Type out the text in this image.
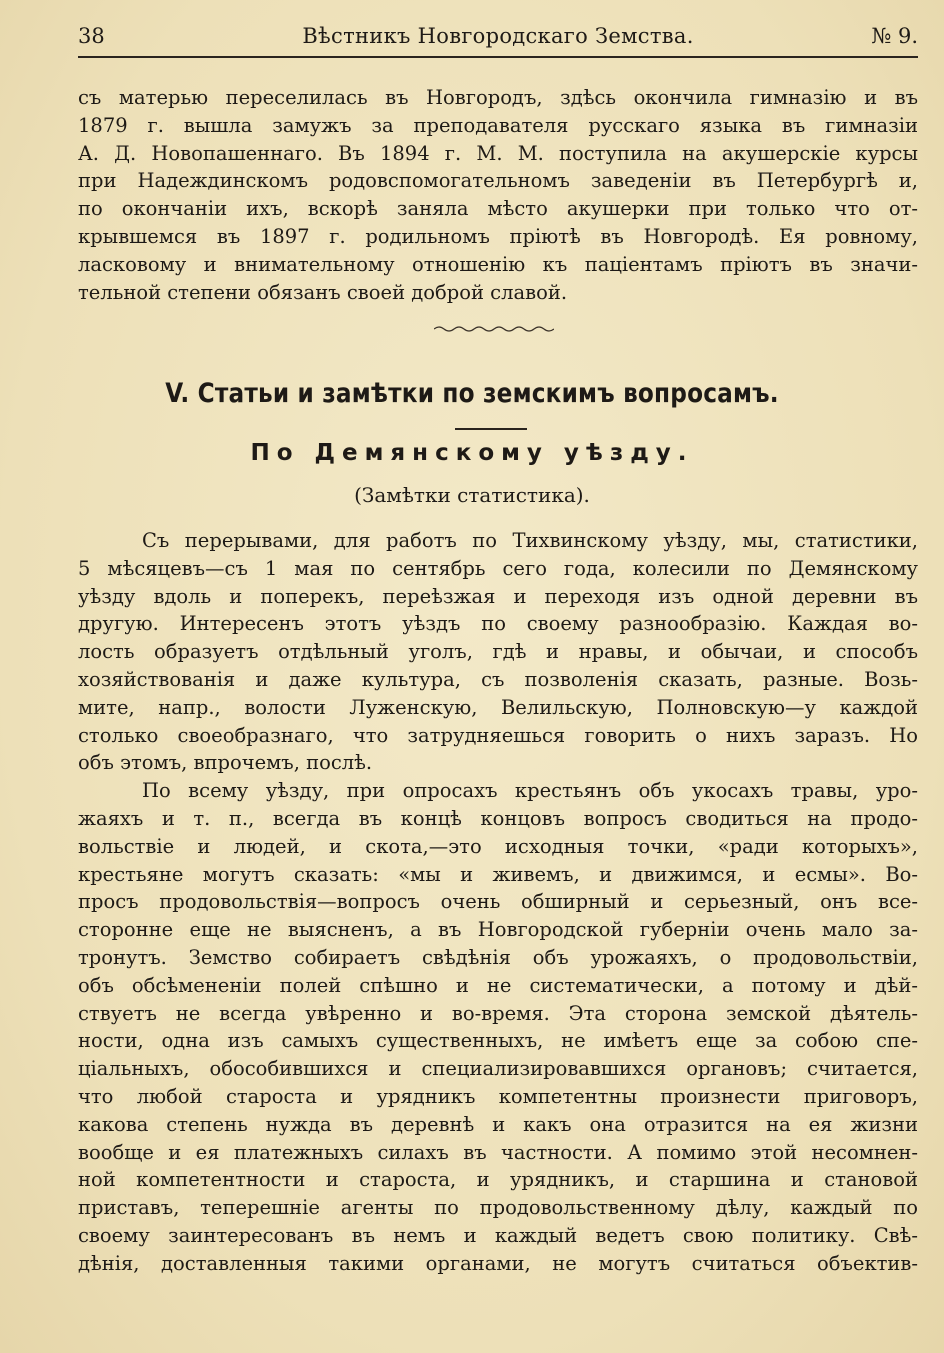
38	Вѣстникъ Новгородскаго Земства.	№ 9.
съ матерью переселилась въ Новгородъ, здѣсь окончила гимназію и въ
1879 г. вышла замужъ за преподавателя русскаго языка въ гимназіи
А. Д. Новопашеннаго. Въ 1894 г. М. М. поступила на акушерскіе курсы
при Надеждинскомъ родовспомогательномъ заведеніи въ Петербургѣ и,
по окончаніи ихъ, вскорѣ заняла мѣсто акушерки при только что от-
крывшемся въ 1897 г. родильномъ пріютѣ въ Новгородѣ. Ея ровному,
ласковому и внимательному отношенію къ паціентамъ пріютъ въ значи-
тельной степени обязанъ своей доброй славой.
V. Статьи и замѣтки по земскимъ вопросамъ.
По Демянскому уѣзду.
(Замѣтки статистика).
Съ перерывами, для работъ по Тихвинскому уѣзду, мы, статистики,
5 мѣсяцевъ—съ 1 мая по сентябрь сего года, колесили по Демянскому
уѣзду вдоль и поперекъ, переѣзжая и переходя изъ одной деревни въ
другую. Интересенъ этотъ уѣздъ по своему разнообразію. Каждая во-
лость образуетъ отдѣльный уголъ, гдѣ и нравы, и обычаи, и способъ
хозяйствованія и даже культура, съ позволенія сказать, разные. Возь-
мите, напр., волости Луженскую, Велильскую, Полновскую—у каждой
столько своеобразнаго, что затрудняешься говорить о нихъ заразъ. Но
объ этомъ, впрочемъ, послѣ.
По всему уѣзду, при опросахъ крестьянъ объ укосахъ травы, уро-
жаяхъ и т. п., всегда въ концѣ концовъ вопросъ сводиться на продо-
вольствіе и людей, и скота,—это исходныя точки, «ради которыхъ»,
крестьяне могутъ сказать: «мы и живемъ, и движимся, и есмы». Во-
просъ продовольствія—вопросъ очень обширный и серьезный, онъ все-
сторонне еще не выясненъ, а въ Новгородской губерніи очень мало за-
тронутъ. Земство собираетъ свѣдѣнія объ урожаяхъ, о продовольствіи,
объ обсѣмененіи полей спѣшно и не систематически, а потому и дѣй-
ствуетъ не всегда увѣренно и во-время. Эта сторона земской дѣятель-
ности, одна изъ самыхъ существенныхъ, не имѣетъ еще за собою спе-
ціальныхъ, обособившихся и специализировавшихся органовъ; считается,
что любой староста и урядникъ компетентны произнести приговоръ,
какова степень нужда въ деревнѣ и какъ она отразится на ея жизни
вообще и ея платежныхъ силахъ въ частности. А помимо этой несомнен-
ной компетентности и староста, и урядникъ, и старшина и становой
приставъ, теперешніе агенты по продовольственному дѣлу, каждый по
своему заинтересованъ въ немъ и каждый ведетъ свою политику. Свѣ-
дѣнія, доставленныя такими органами, не могутъ считаться объектив-
